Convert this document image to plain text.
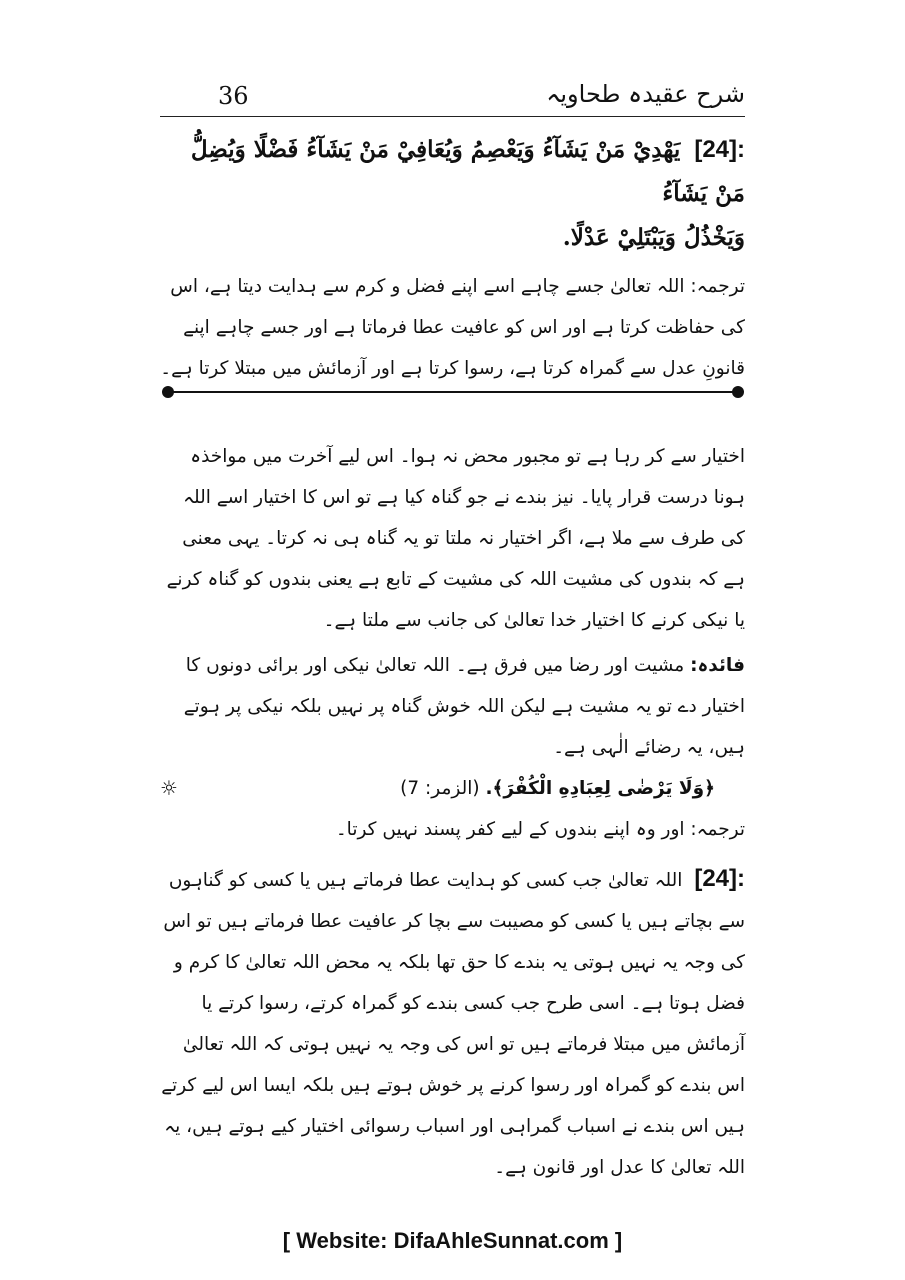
36	شرح عقیدہ طحاویہ
[24]: يَهْدِيْ مَنْ يَشَآءُ وَيَعْصِمُ وَيُعَافِيْ مَنْ يَشَآءُ فَضْلًا وَيُضِلُّ مَنْ يَشَآءُ
وَيَخْذُلُ وَيَبْتَلِيْ عَدْلًا.
ترجمہ: اللہ تعالیٰ جسے چاہے اسے اپنے فضل و کرم سے ہدایت دیتا ہے، اس کی حفاظت کرتا ہے اور اس کو عافیت عطا فرماتا ہے اور جسے چاہے اپنے قانونِ عدل سے گمراہ کرتا ہے، رسوا کرتا ہے اور آزمائش میں مبتلا کرتا ہے۔
اختیار سے کر رہا ہے تو مجبور محض نہ ہوا۔ اس لیے آخرت میں مواخذہ ہونا درست قرار پایا۔ نیز بندے نے جو گناہ کیا ہے تو اس کا اختیار اسے اللہ کی طرف سے ملا ہے، اگر اختیار نہ ملتا تو یہ گناہ ہی نہ کرتا۔ یہی معنی ہے کہ بندوں کی مشیت اللہ کی مشیت کے تابع ہے یعنی بندوں کو گناہ کرنے یا نیکی کرنے کا اختیار خدا تعالیٰ کی جانب سے ملتا ہے۔
فائدہ: مشیت اور رضا میں فرق ہے۔ اللہ تعالیٰ نیکی اور برائی دونوں کا اختیار دے تو یہ مشیت ہے لیکن اللہ خوش گناہ پر نہیں بلکہ نیکی پر ہوتے ہیں، یہ رضائے الٰہی ہے۔
☼	﴿وَلَا يَرْضٰى لِعِبَادِهِ الْكُفْرَ﴾. (الزمر: 7)
ترجمہ: اور وہ اپنے بندوں کے لیے کفر پسند نہیں کرتا۔
[24]: اللہ تعالیٰ جب کسی کو ہدایت عطا فرماتے ہیں یا کسی کو گناہوں سے بچاتے ہیں یا کسی کو مصیبت سے بچا کر عافیت عطا فرماتے ہیں تو اس کی وجہ یہ نہیں ہوتی یہ بندے کا حق تھا بلکہ یہ محض اللہ تعالیٰ کا کرم و فضل ہوتا ہے۔ اسی طرح جب کسی بندے کو گمراہ کرتے، رسوا کرتے یا آزمائش میں مبتلا فرماتے ہیں تو اس کی وجہ یہ نہیں ہوتی کہ اللہ تعالیٰ اس بندے کو گمراہ اور رسوا کرنے پر خوش ہوتے ہیں بلکہ ایسا اس لیے کرتے ہیں اس بندے نے اسباب گمراہی اور اسباب رسوائی اختیار کیے ہوتے ہیں، یہ اللہ تعالیٰ کا عدل اور قانون ہے۔
[ Website: DifaAhleSunnat.com ]
